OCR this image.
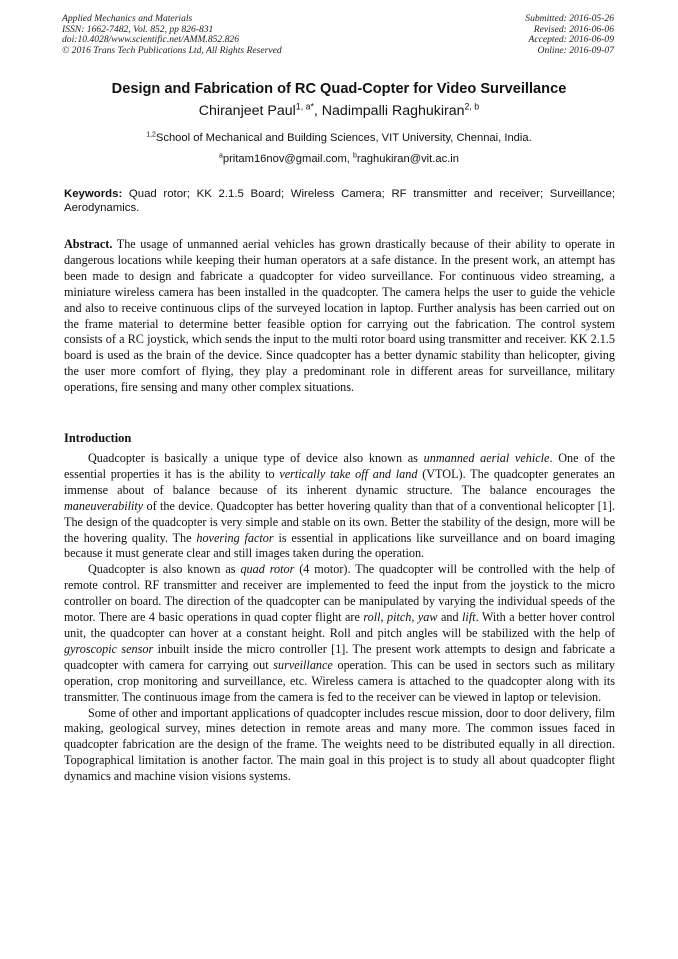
Applied Mechanics and Materials
ISSN: 1662-7482, Vol. 852, pp 826-831
doi:10.4028/www.scientific.net/AMM.852.826
© 2016 Trans Tech Publications Ltd, All Rights Reserved
Submitted: 2016-05-26
Revised: 2016-06-06
Accepted: 2016-06-09
Online: 2016-09-07
Design and Fabrication of RC Quad-Copter for Video Surveillance
Chiranjeet Paul$^{1, a*}$, Nadimpalli Raghukiran$^{2, b}$
$^{1,2}$School of Mechanical and Building Sciences, VIT University, Chennai, India.
$^a$pritam16nov@gmail.com, $^b$raghukiran@vit.ac.in
Keywords: Quad rotor; KK 2.1.5 Board; Wireless Camera; RF transmitter and receiver; Surveillance; Aerodynamics.

Abstract. The usage of unmanned aerial vehicles has grown drastically because of their ability to operate in dangerous locations while keeping their human operators at a safe distance. In the present work, an attempt has been made to design and fabricate a quadcopter for video surveillance. For continuous video streaming, a miniature wireless camera has been installed in the quadcopter. The camera helps the user to guide the vehicle and also to receive continuous clips of the surveyed location in laptop. Further analysis has been carried out on the frame material to determine better feasible option for carrying out the fabrication. The control system consists of a RC joystick, which sends the input to the multi rotor board using transmitter and receiver. KK 2.1.5 board is used as the brain of the device. Since quadcopter has a better dynamic stability than helicopter, giving the user more comfort of flying, they play a predominant role in different areas for surveillance, military operations, fire sensing and many other complex situations.

Introduction

Quadcopter is basically a unique type of device also known as unmanned aerial vehicle. One of the essential properties it has is the ability to vertically take off and land (VTOL). The quadcopter generates an immense about of balance because of its inherent dynamic structure. The balance encourages the maneuverability of the device. Quadcopter has better hovering quality than that of a conventional helicopter [1]. The design of the quadcopter is very simple and stable on its own. Better the stability of the design, more will be the hovering quality. The hovering factor is essential in applications like surveillance and on board imaging because it must generate clear and still images taken during the operation.

Quadcopter is also known as quad rotor (4 motor). The quadcopter will be controlled with the help of remote control. RF transmitter and receiver are implemented to feed the input from the joystick to the micro controller on board. The direction of the quadcopter can be manipulated by varying the individual speeds of the motor. There are 4 basic operations in quad copter flight are roll, pitch, yaw and lift. With a better hover control unit, the quadcopter can hover at a constant height. Roll and pitch angles will be stabilized with the help of gyroscopic sensor inbuilt inside the micro controller [1]. The present work attempts to design and fabricate a quadcopter with camera for carrying out surveillance operation. This can be used in sectors such as military operation, crop monitoring and surveillance, etc. Wireless camera is attached to the quadcopter along with its transmitter. The continuous image from the camera is fed to the receiver can be viewed in laptop or television.

Some of other and important applications of quadcopter includes rescue mission, door to door delivery, film making, geological survey, mines detection in remote areas and many more. The common issues faced in quadcopter fabrication are the design of the frame. The weights need to be distributed equally in all direction. Topographical limitation is another factor. The main goal in this project is to study all about quadcopter flight dynamics and machine vision visions systems.
